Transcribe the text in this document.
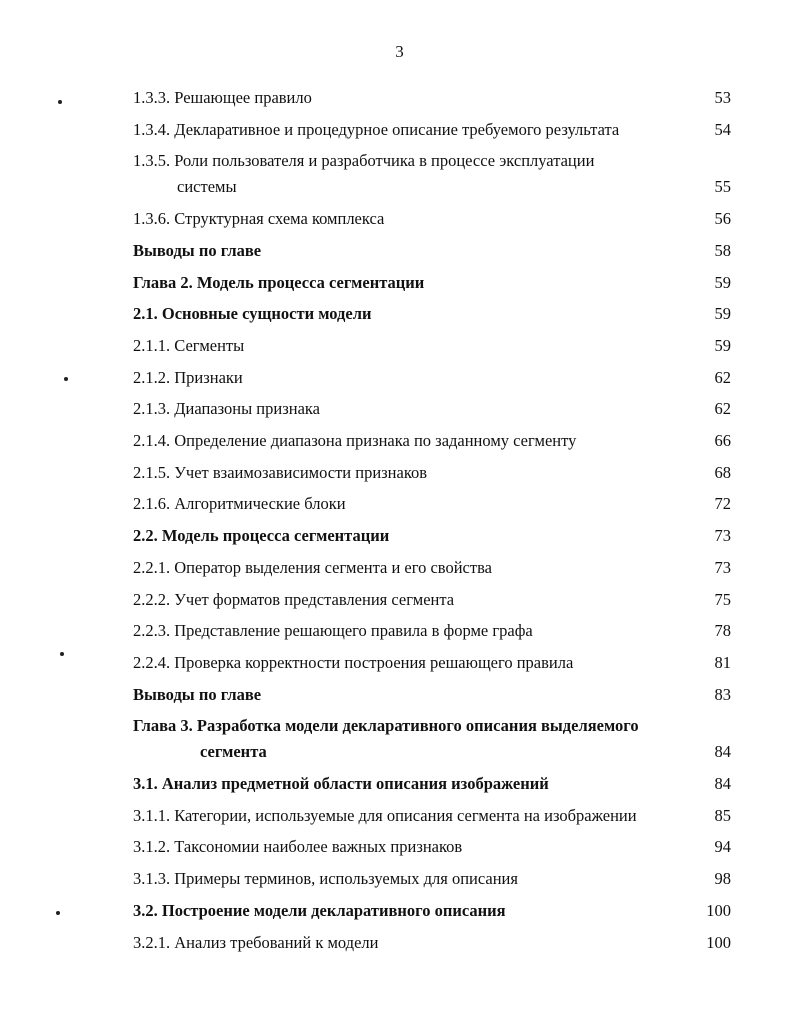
3
1.3.3. Решающее правило	53
1.3.4. Декларативное и процедурное описание требуемого результата	54
1.3.5. Роли пользователя и разработчика в процессе эксплуатации
системы	55
1.3.6. Структурная схема комплекса	56
Выводы по главе	58
Глава 2. Модель процесса сегментации	59
2.1. Основные сущности модели	59
2.1.1. Сегменты	59
2.1.2. Признаки	62
2.1.3. Диапазоны признака	62
2.1.4. Определение диапазона признака по заданному сегменту	66
2.1.5. Учет взаимозависимости признаков	68
2.1.6. Алгоритмические блоки	72
2.2. Модель процесса сегментации	73
2.2.1. Оператор выделения сегмента и его свойства	73
2.2.2. Учет форматов представления сегмента	75
2.2.3. Представление решающего правила в форме графа	78
2.2.4. Проверка корректности построения решающего правила	81
Выводы по главе	83
Глава 3. Разработка модели декларативного описания выделяемого
сегмента	84
3.1. Анализ предметной области описания изображений	84
3.1.1. Категории, используемые для описания сегмента на изображении	85
3.1.2. Таксономии наиболее важных признаков	94
3.1.3. Примеры терминов, используемых для описания	98
3.2. Построение модели декларативного описания	100
3.2.1. Анализ требований к модели	100
